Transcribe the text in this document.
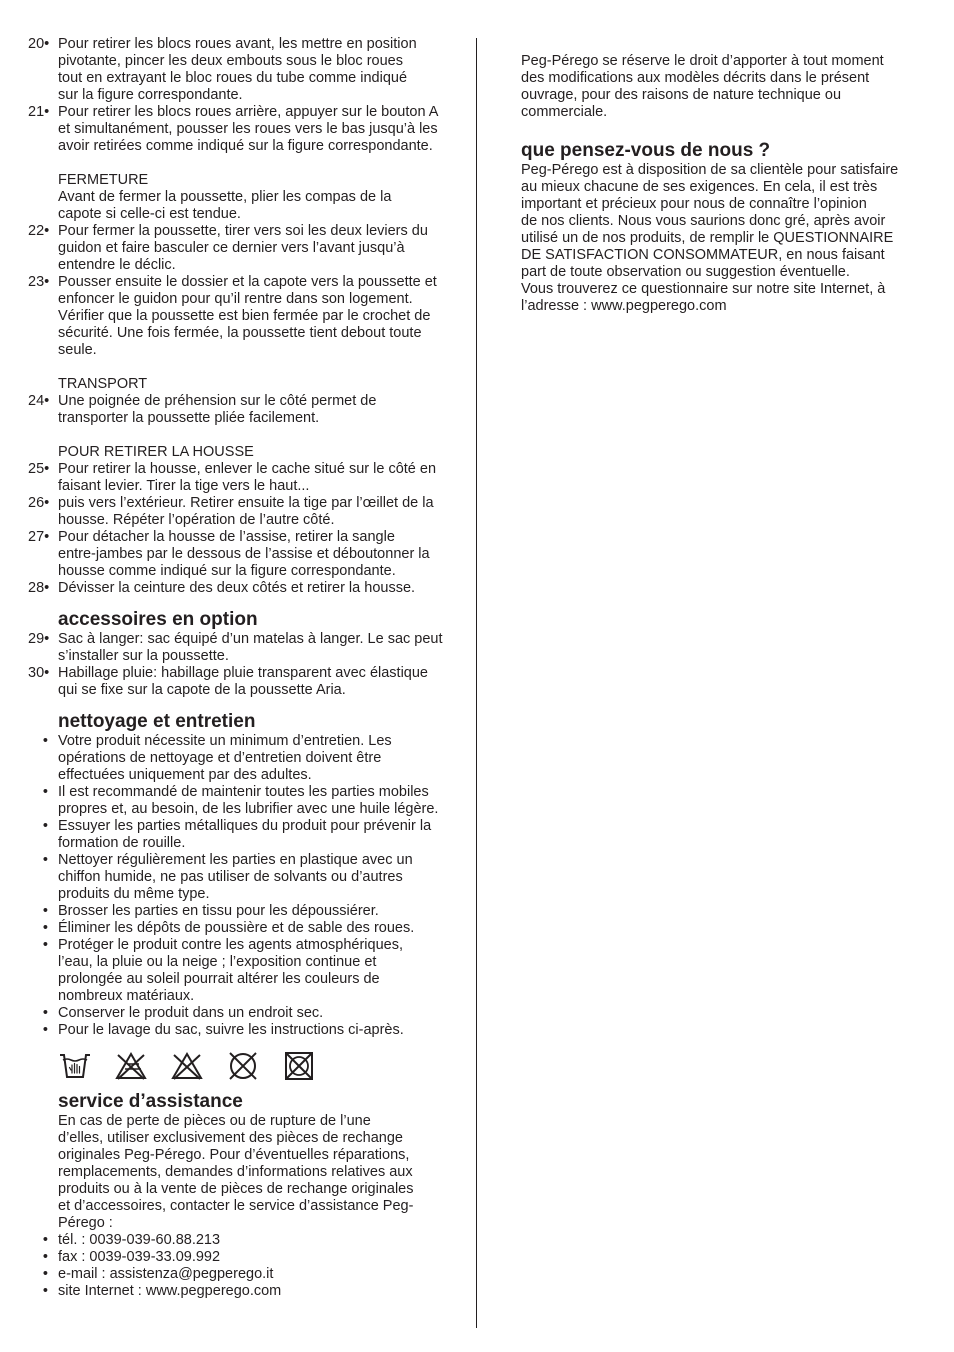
20• Pour retirer les blocs roues avant, les mettre en position
pivotante, pincer les deux embouts sous le bloc roues
tout en extrayant le bloc roues du tube comme indiqué
sur la figure correspondante.
21• Pour retirer les blocs roues arrière, appuyer sur le bouton A
et simultanément, pousser les roues vers le bas jusqu’à les
avoir retirées comme indiqué sur la figure correspondante.
FERMETURE
Avant de fermer la poussette, plier les compas de la
capote si celle-ci est tendue.
22• Pour fermer la poussette, tirer vers soi les deux leviers du
guidon et faire basculer ce dernier vers l’avant jusqu’à
entendre le déclic.
23• Pousser ensuite le dossier et la capote vers la poussette et
enfoncer le guidon pour qu’il rentre dans son logement.
Vérifier que la poussette est bien fermée par le crochet de
sécurité. Une fois fermée, la poussette tient debout toute
seule.
TRANSPORT
24• Une poignée de préhension sur le côté permet de
transporter la poussette pliée facilement.
POUR RETIRER LA HOUSSE
25• Pour retirer la housse, enlever le cache situé sur le côté en
faisant levier. Tirer la tige vers le haut...
26• puis vers l’extérieur. Retirer ensuite la tige par l’œillet de la
housse. Répéter l’opération de l’autre côté.
27• Pour détacher la housse de l’assise, retirer la sangle
entre-jambes par le dessous de l’assise et déboutonner la
housse comme indiqué sur la figure correspondante.
28• Dévisser la ceinture des deux côtés et retirer la housse.
accessoires en option
29• Sac à langer: sac équipé d’un matelas à langer. Le sac peut
s’installer sur la poussette.
30• Habillage pluie: habillage pluie transparent avec élastique
qui se fixe sur la capote de la poussette Aria.
nettoyage et entretien
• Votre produit nécessite un minimum d’entretien. Les
opérations de nettoyage et d’entretien doivent être
effectuées uniquement par des adultes.
• Il est recommandé de maintenir toutes les parties mobiles
propres et, au besoin, de les lubrifier avec une huile légère.
• Essuyer les parties métalliques du produit pour prévenir la
formation de rouille.
• Nettoyer régulièrement les parties en plastique avec un
chiffon humide, ne pas utiliser de solvants ou d’autres
produits du même type.
• Brosser les parties en tissu pour les dépoussiérer.
• Éliminer les dépôts de poussière et de sable des roues.
• Protéger le produit contre les agents atmosphériques,
l’eau, la pluie ou la neige ; l’exposition continue et
prolongée au soleil pourrait altérer les couleurs de
nombreux matériaux.
• Conserver le produit dans un endroit sec.
• Pour le lavage du sac, suivre les instructions ci-après.
service d’assistance
En cas de perte de pièces ou de rupture de l’une
d’elles, utiliser exclusivement des pièces de rechange
originales Peg-Pérego. Pour d’éventuelles réparations,
remplacements, demandes d’informations relatives aux
produits ou à la vente de pièces de rechange originales
et d’accessoires, contacter le service d’assistance Peg-
Pérego :
• tél. : 0039-039-60.88.213
• fax : 0039-039-33.09.992
• e-mail : assistenza@pegperego.it
• site Internet : www.pegperego.com
Peg-Pérego se réserve le droit d’apporter à tout moment
des modifications aux modèles décrits dans le présent
ouvrage, pour des raisons de nature technique ou
commerciale.
que pensez-vous de nous ?
Peg-Pérego est à disposition de sa clientèle pour satisfaire
au mieux chacune de ses exigences. En cela, il est très
important et précieux pour nous de connaître l’opinion
de nos clients. Nous vous saurions donc gré, après avoir
utilisé un de nos produits, de remplir le QUESTIONNAIRE
DE SATISFACTION CONSOMMATEUR, en nous faisant
part de toute observation ou suggestion éventuelle.
Vous trouverez ce questionnaire sur notre site Internet, à
l’adresse : www.pegperego.com
